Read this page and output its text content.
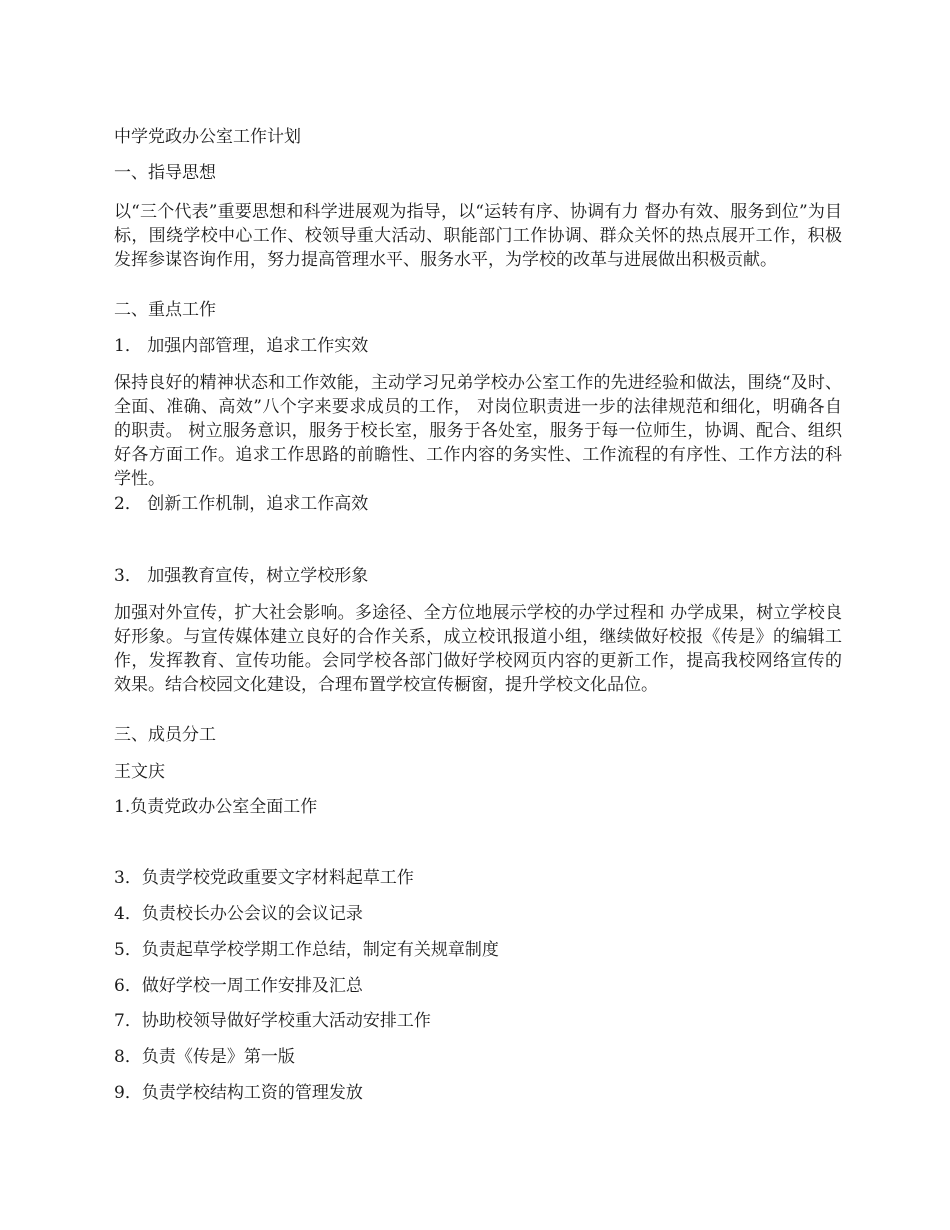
中学党政办公室工作计划
一、指导思想
以“三个代表”重要思想和科学进展观为指导，以“运转有序、协调有力 督办有效、服务到位”为目标，围绕学校中心工作、校领导重大活动、职能部门工作协调、群众关怀的热点展开工作，积极发挥参谋咨询作用，努力提高管理水平、服务水平，为学校的改革与进展做出积极贡献。
二、重点工作
1． 加强内部管理，追求工作实效
保持良好的精神状态和工作效能，主动学习兄弟学校办公室工作的先进经验和做法，围绕“及时、全面、准确、高效”八个字来要求成员的工作， 对岗位职责进一步的法律规范和细化，明确各自的职责。 树立服务意识，服务于校长室，服务于各处室，服务于每一位师生，协调、配合、组织好各方面工作。追求工作思路的前瞻性、工作内容的务实性、工作流程的有序性、工作方法的科学性。
2． 创新工作机制，追求工作高效
3． 加强教育宣传，树立学校形象
加强对外宣传，扩大社会影响。多途径、全方位地展示学校的办学过程和 办学成果，树立学校良好形象。与宣传媒体建立良好的合作关系，成立校讯报道小组，继续做好校报《传是》的编辑工作，发挥教育、宣传功能。会同学校各部门做好学校网页内容的更新工作，提高我校网络宣传的效果。结合校园文化建设，合理布置学校宣传橱窗，提升学校文化品位。
三、成员分工
王文庆
1.负责党政办公室全面工作
3．负责学校党政重要文字材料起草工作
4．负责校长办公会议的会议记录
5．负责起草学校学期工作总结，制定有关规章制度
6．做好学校一周工作安排及汇总
7．协助校领导做好学校重大活动安排工作
8．负责《传是》第一版
9．负责学校结构工资的管理发放
